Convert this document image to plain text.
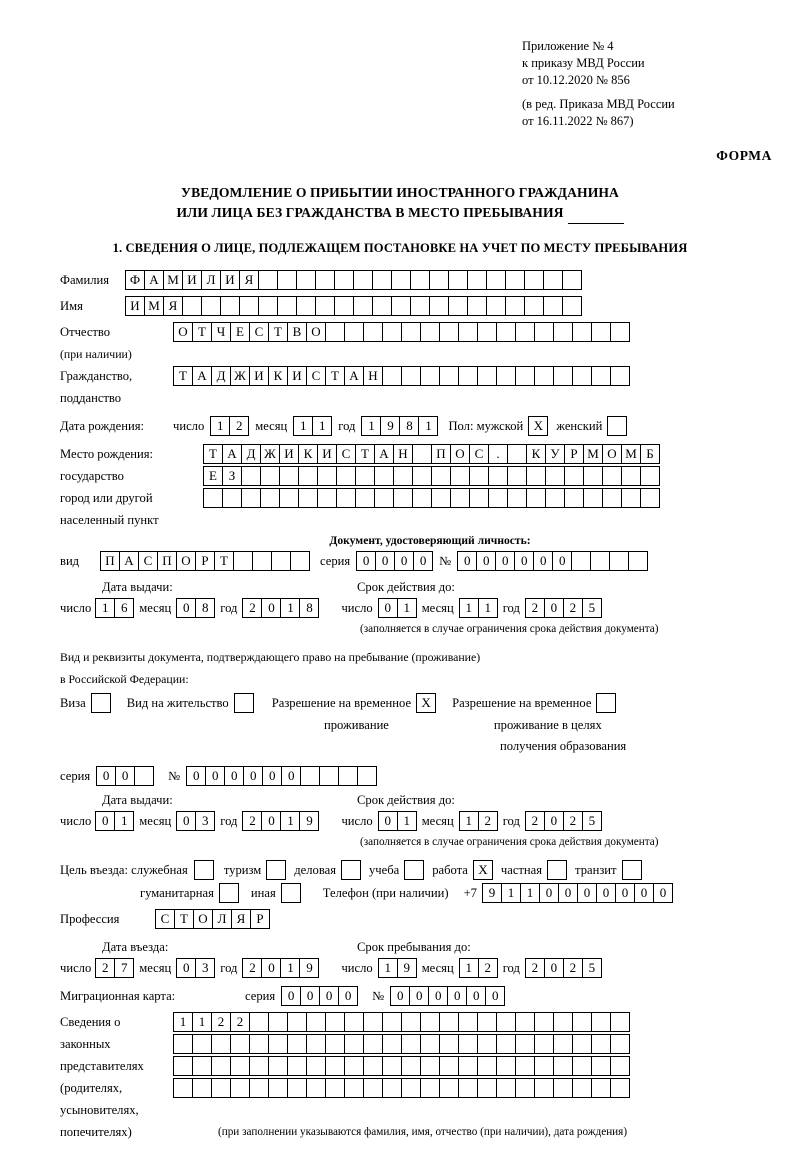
Приложение № 4
к приказу МВД России
от 10.12.2020 № 856
(в ред. Приказа МВД России
от 16.11.2022 № 867)
ФОРМА
УВЕДОМЛЕНИЕ О ПРИБЫТИИ ИНОСТРАННОГО ГРАЖДАНИНА
ИЛИ ЛИЦА БЕЗ ГРАЖДАНСТВА В МЕСТО ПРЕБЫВАНИЯ
1. СВЕДЕНИЯ О ЛИЦЕ, ПОДЛЕЖАЩЕМ ПОСТАНОВКЕ НА УЧЕТ ПО МЕСТУ ПРЕБЫВАНИЯ
Фамилия	Ф А М И Л И Я
Имя	И М Я
Отчество	О Т Ч Е С Т В О
(при наличии)
Гражданство,	Т А Д Ж И К И С Т А Н
подданство
Дата рождения:	число 1 2	месяц 1 1	год 1 9 8 1	Пол: мужской X	женский
Место рождения:	Т А Д Ж И К И С Т А Н	П О С	.	К У Р М О М Б
государство	Е З
город или другой
населенный пункт
Документ, удостоверяющий личность:
вид	П А С П О Р Т	серия 0 0 0 0	№ 0 0 0 0 0 0
Дата выдачи:	Срок действия до:
число 1 6 месяц 0 8 год 2 0 1 8	число 0 1 месяц 1 1 год 2 0 2 5
(заполняется в случае ограничения срока действия документа)
Вид и реквизиты документа, подтверждающего право на пребывание (проживание)
в Российской Федерации:
Виза	Вид на жительство	Разрешение на временное X	Разрешение на временное
проживание	проживание в целях
получения образования
серия 0 0	№ 0 0 0 0 0 0
Дата выдачи:	Срок действия до:
число 0 1 месяц 0 3 год 2 0 1 9	число 0 1 месяц 1 2 год 2 0 2 5
(заполняется в случае ограничения срока действия документа)
Цель въезда: служебная	туризм	деловая	учеба	работа X	частная	транзит
гуманитарная	иная	Телефон (при наличии) +7 9 1 1 0 0 0 0 0 0 0
Профессия	С Т О Л Я Р
Дата въезда:	Срок пребывания до:
число 2 7 месяц 0 3 год 2 0 1 9	число 1 9 месяц 1 2 год 2 0 2 5
Миграционная карта:	серия 0 0 0 0	№ 0 0 0 0 0 0
Сведения о	1 1 2 2
законных
представителях
(родителях,
усыновителях,
попечителях)	(при заполнении указываются фамилия, имя, отчество (при наличии), дата рождения)
